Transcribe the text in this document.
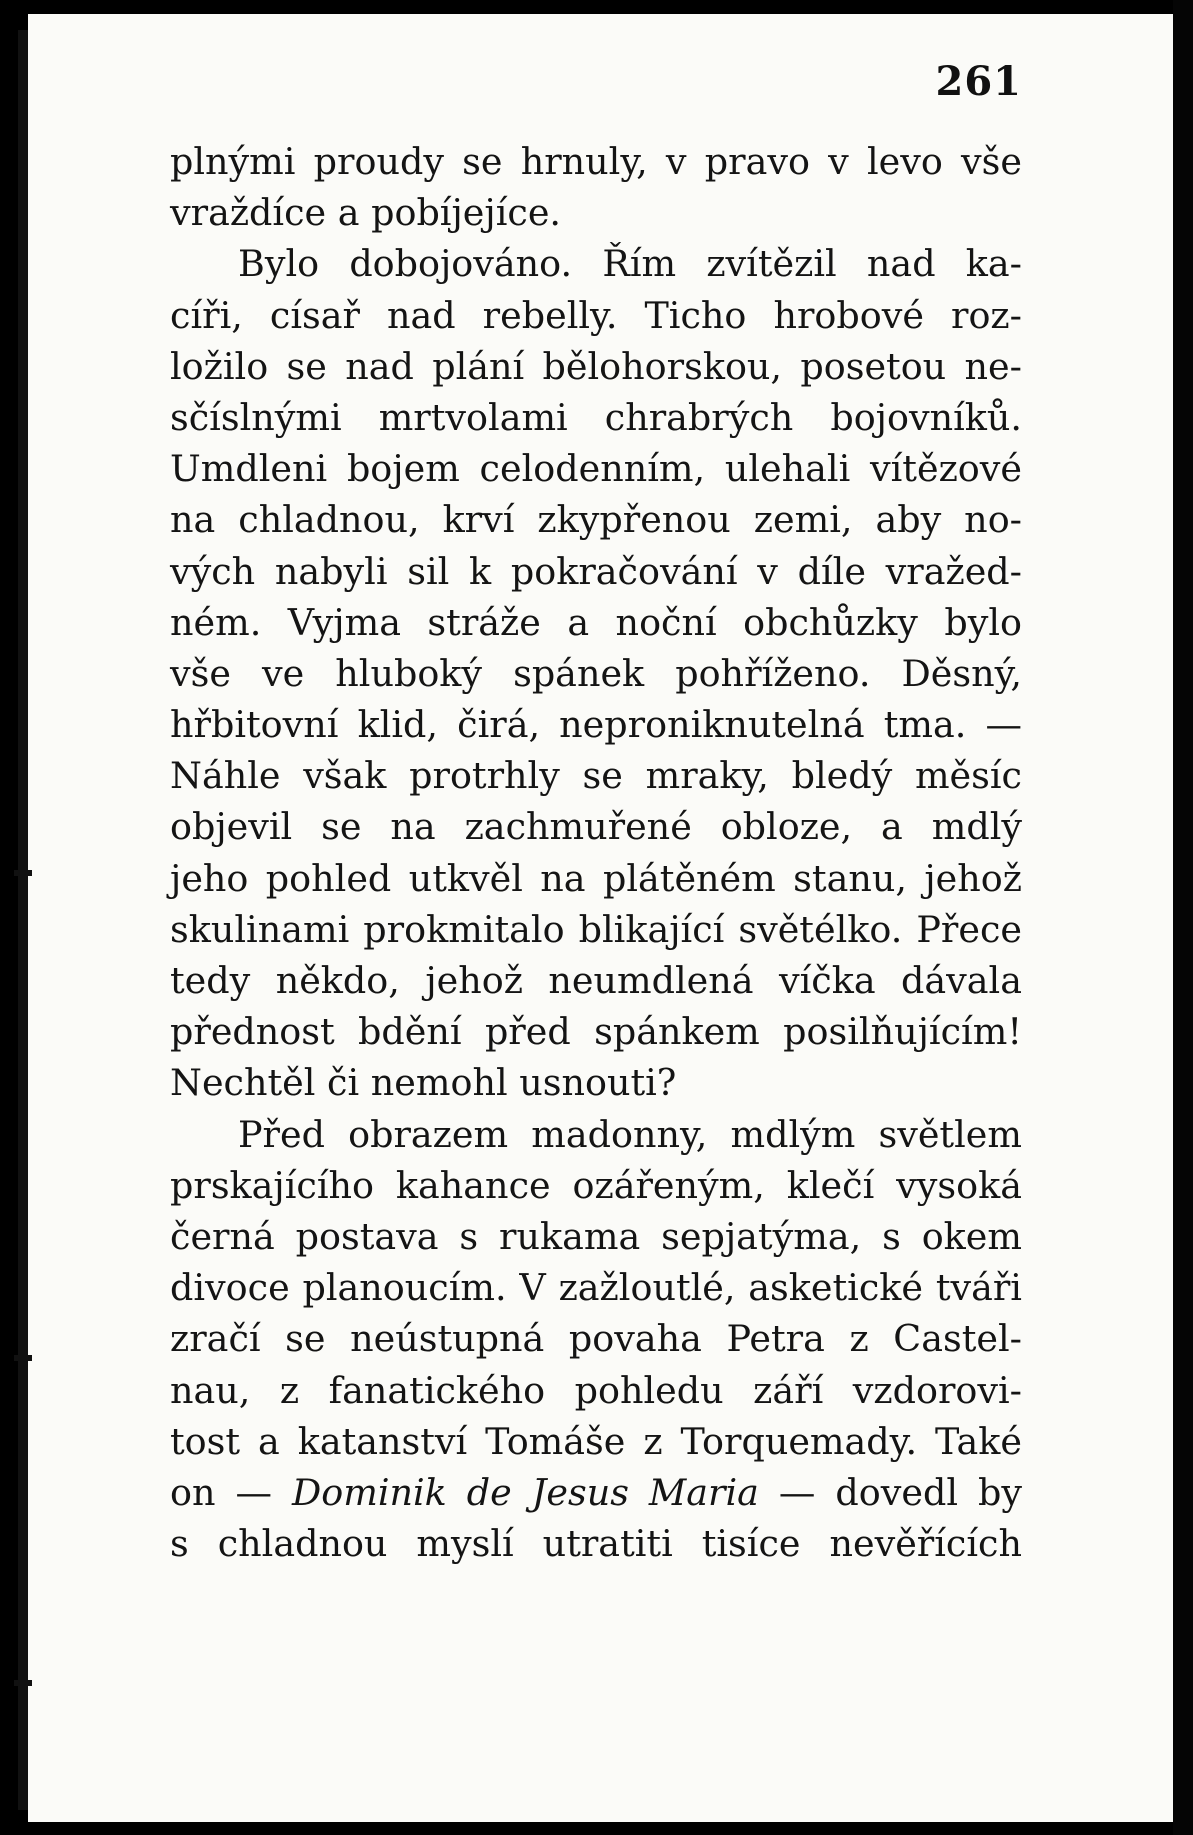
261
plnými proudy se hrnuly, v pravo v levo vše
vraždíce a pobíjejíce.
Bylo dobojováno. Řím zvítězil nad ka-
cíři, císař nad rebelly. Ticho hrobové roz-
ložilo se nad plání bělohorskou, posetou ne-
sčíslnými mrtvolami chrabrých bojovníků.
Umdleni bojem celodenním, ulehali vítězové
na chladnou, krví zkypřenou zemi, aby no-
vých nabyli sil k pokračování v díle vražed-
ném. Vyjma stráže a noční obchůzky bylo
vše ve hluboký spánek pohříženo. Děsný,
hřbitovní klid, čirá, neproniknutelná tma. —
Náhle však protrhly se mraky, bledý měsíc
objevil se na zachmuřené obloze, a mdlý
jeho pohled utkvěl na plátěném stanu, jehož
skulinami prokmitalo blikající světélko. Přece
tedy někdo, jehož neumdlená víčka dávala
přednost bdění před spánkem posilňujícím!
Nechtěl či nemohl usnouti?
Před obrazem madonny, mdlým světlem
prskajícího kahance ozářeným, klečí vysoká
černá postava s rukama sepjatýma, s okem
divoce planoucím. V zažloutlé, asketické tváři
zračí se neústupná povaha Petra z Castel-
nau, z fanatického pohledu září vzdorovi-
tost a katanství Tomáše z Torquemady. Také
on — Dominik de Jesus Maria — dovedl by
s chladnou myslí utratiti tisíce nevěřících
